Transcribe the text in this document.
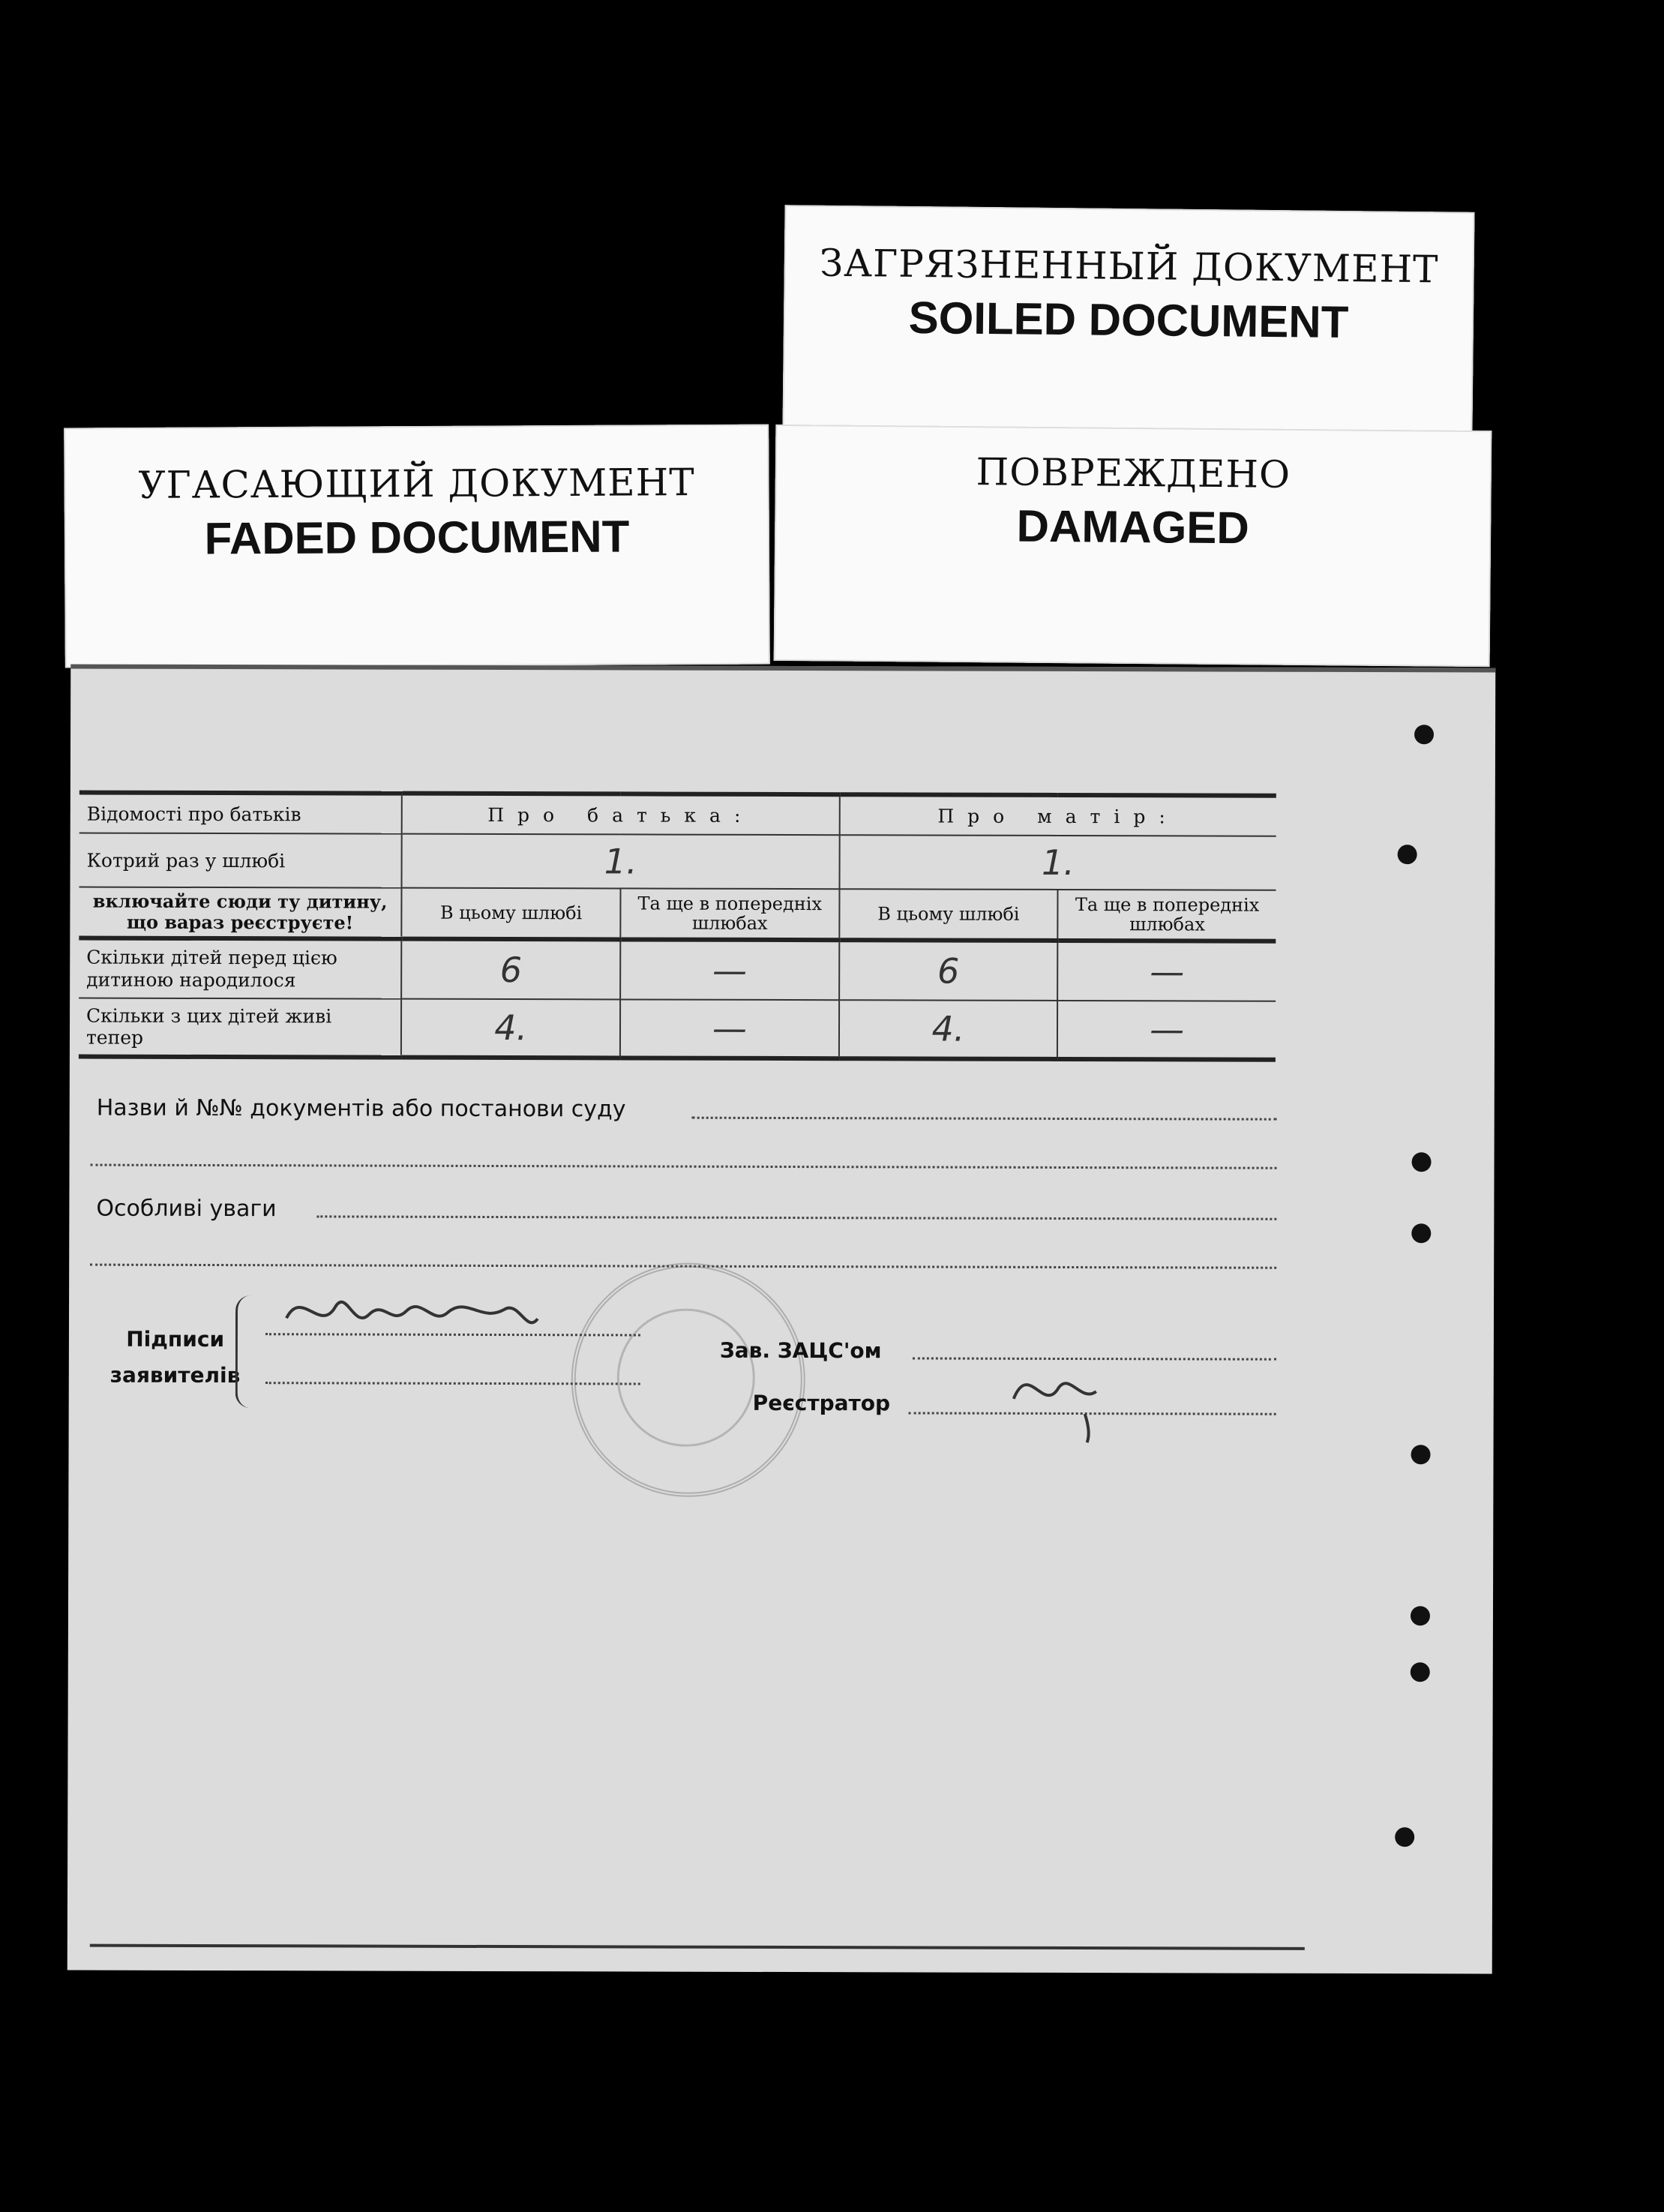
ЗАГРЯЗНЕННЫЙ ДОКУМЕНТ
SOILED DOCUMENT
УГАСАЮЩИЙ ДОКУМЕНТ
FADED DOCUMENT
ПОВРЕЖДЕНО
DAMAGED
Відомості про батьків	Про батька:		Про матір:	
Котрий раз у шлюбі	1.		1.	
включайте сюди ту дитину, що вараз реєструєте!	В цьому шлюбі	Та ще в попередніх шлюбах	В цьому шлюбі	Та ще в попередніх шлюбах
Скільки дітей перед цією дитиною народилося	6	—	6	—
Скільки з цих дітей живі тепер	4.	—	4.	—
Назви й №№ документів або постанови суду
Особливі уваги
Підписи
заявителів
Зав. ЗАЦС'ом
Реєстратор
